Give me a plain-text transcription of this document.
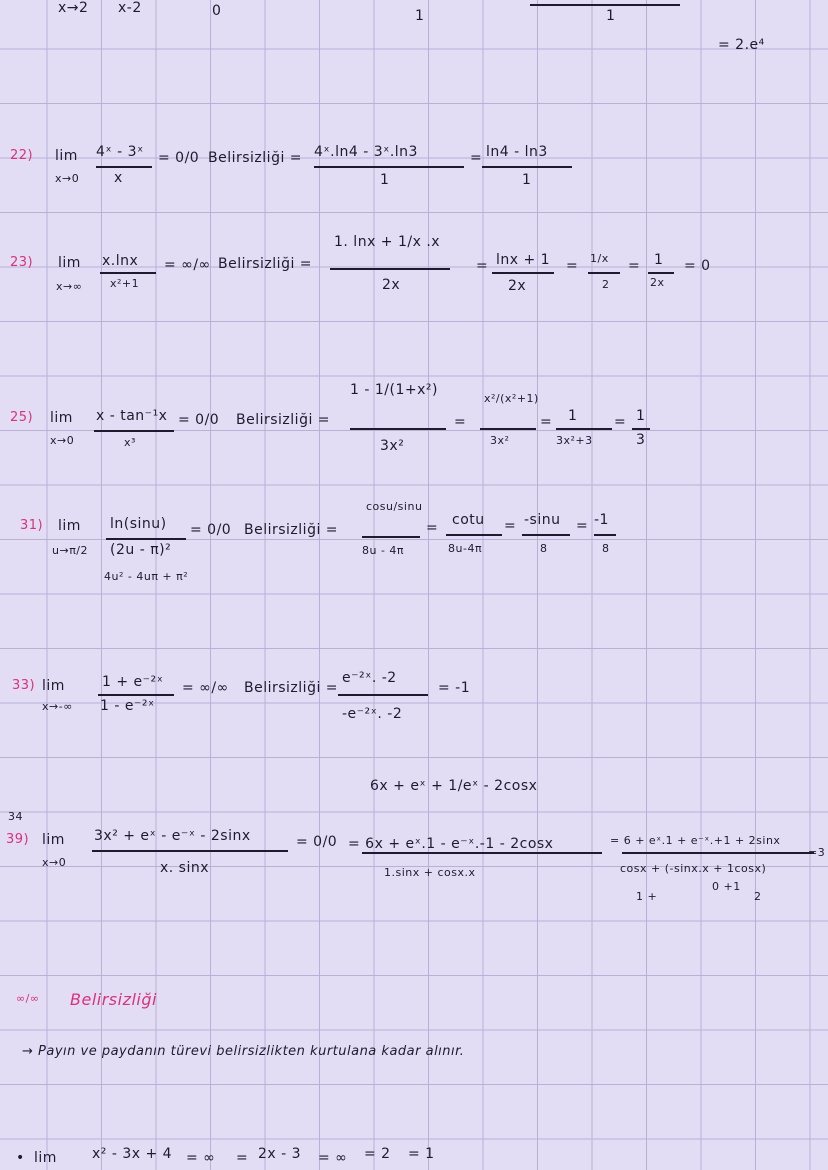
x→2 x-2	0	1	1
= 2.e⁴
22) lim
x→0
4ˣ - 3ˣ
x
= 0/0 Belirsizliği = 4ˣ.ln4 - 3ˣ.ln3
1
= ln4 - ln3
1
23) lim
x→∞
x.lnx
x²+1
= ∞/∞ Belirsizliği =
1. lnx + 1/x .x
2x
= lnx + 1
2x
= 1/x
2
= 1
2x
= 0
25) lim
x→0
x - tan⁻¹x
x³
= 0/0 Belirsizliği =
1 - 1/(1+x²)
3x²
=
x²/(x²+1)
3x²
= 1
3x²+3
= 1
3
31) lim
u→π/2
ln(sinu)
(2u - π)²
4u² - 4uπ + π²
= 0/0 Belirsizliği =
cosu/sinu
8u - 4π
= cotu
8u-4π
= -sinu
8
= -1
8
33) lim
x→-∞
1 + e⁻²ˣ
1 - e⁻²ˣ
= ∞/∞ Belirsizliği =
e⁻²ˣ. -2
-e⁻²ˣ. -2
= -1
6x + eˣ + 1/eˣ - 2cosx
34
39) lim
x→0
3x² + eˣ - e⁻ˣ - 2sinx
x. sinx
= 0/0 = 6x + eˣ.1 - e⁻ˣ.-1 - 2cosx
1.sinx + cosx.x
= 6 + eˣ.1 + e⁻ˣ.+1 + 2sinx
cosx + (-sinx.x + 1cosx)
=3
0 +1
1 +	2
∞/∞ Belirsizliği
→ Payın ve paydanın türevi belirsizlikten kurtulana kadar alınır.
• lim	x² - 3x + 4 = ∞ = 2x - 3 = ∞ = 2 = 1
